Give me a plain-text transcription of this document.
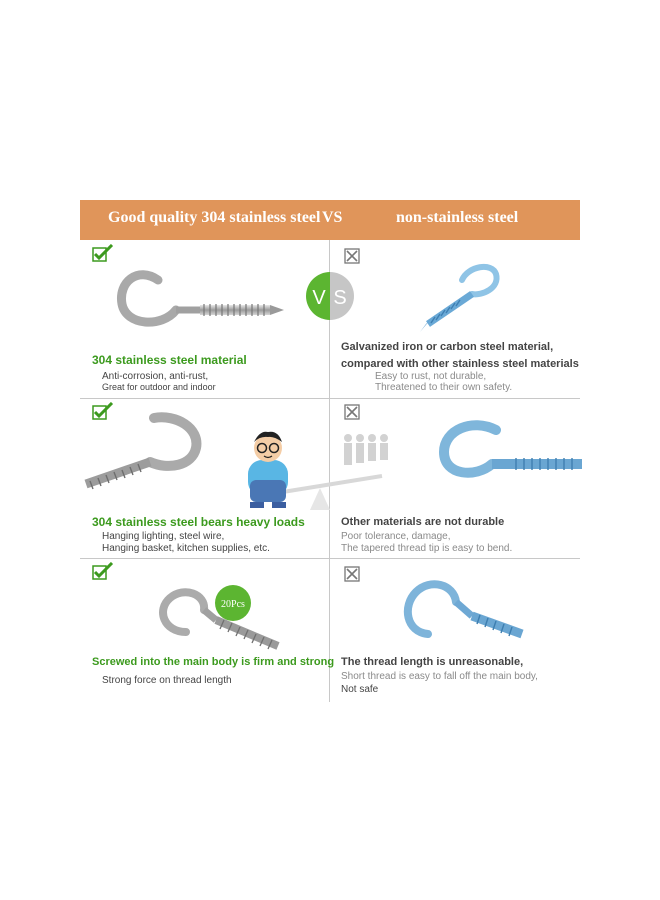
Good quality 304 stainless steel VS	non-stainless steel
V S
304 stainless steel material
Anti-corrosion, anti-rust,
Great for outdoor and indoor
Galvanized iron or carbon steel material,
compared with other stainless steel materials
Easy to rust, not durable,
Threatened to their own safety.
304 stainless steel bears heavy loads
Hanging lighting, steel wire,
Hanging basket, kitchen supplies, etc.
Other materials are not durable
Poor tolerance, damage,
The tapered thread tip is easy to bend.
20Pcs
Screwed into the main body is firm and strong
Strong force on thread length
The thread length is unreasonable,
Short thread is easy to fall off the main body,
Not safe
